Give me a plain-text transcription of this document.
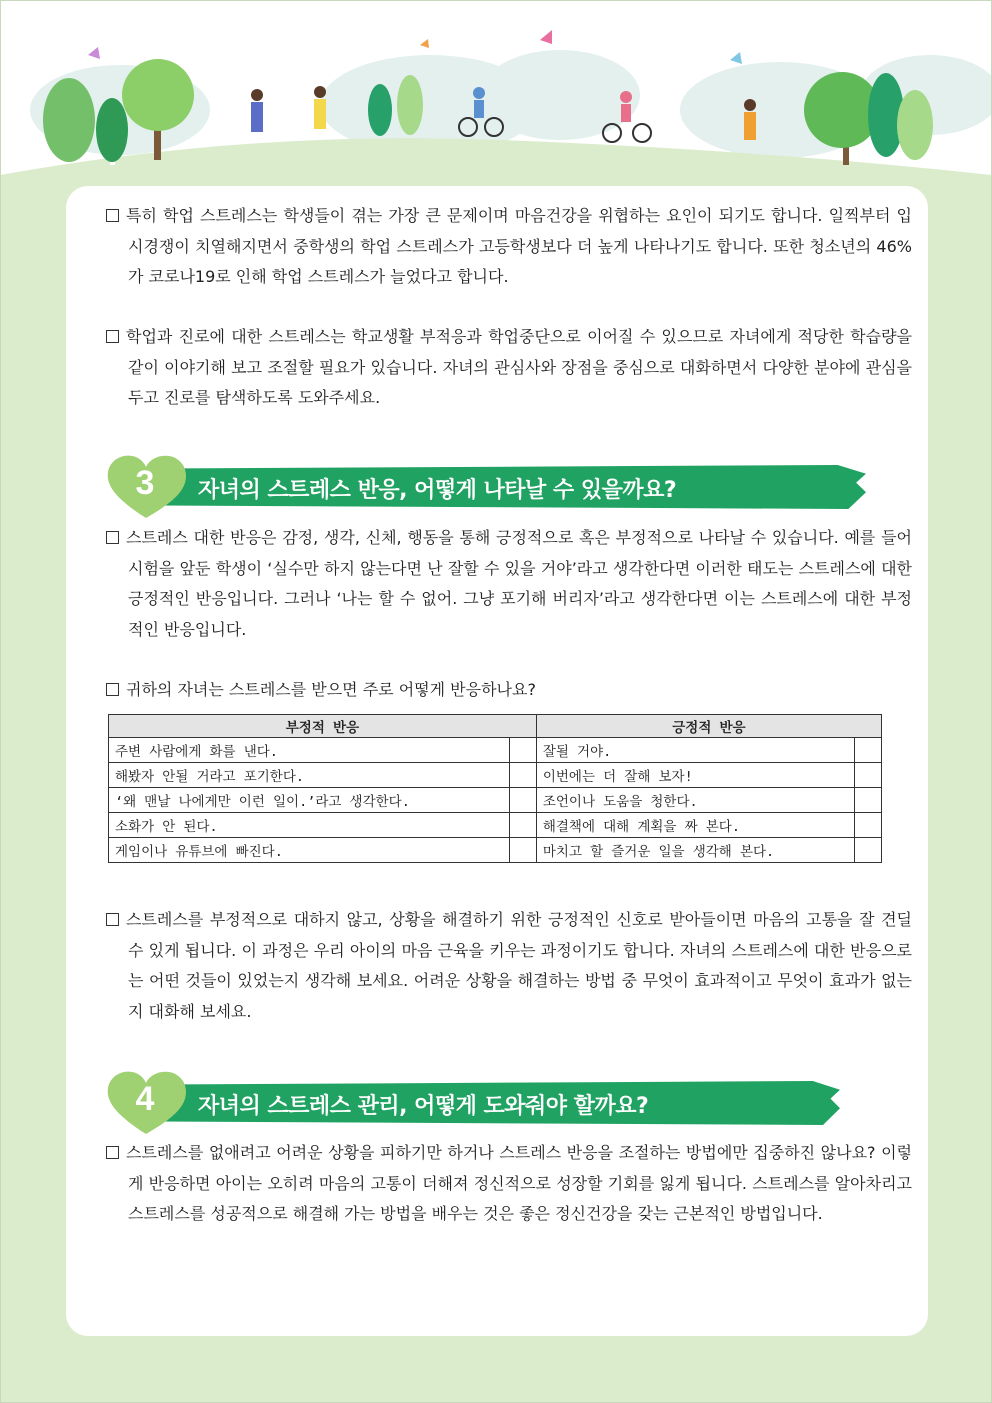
특히 학업 스트레스는 학생들이 겪는 가장 큰 문제이며 마음건강을 위협하는 요인이 되기도 합니다. 일찍부터 입시경쟁이 치열해지면서 중학생의 학업 스트레스가 고등학생보다 더 높게 나타나기도 합니다. 또한 청소년의 46%가 코로나19로 인해 학업 스트레스가 늘었다고 합니다.

학업과 진로에 대한 스트레스는 학교생활 부적응과 학업중단으로 이어질 수 있으므로 자녀에게 적당한 학습량을 같이 이야기해 보고 조절할 필요가 있습니다. 자녀의 관심사와 장점을 중심으로 대화하면서 다양한 분야에 관심을 두고 진로를 탐색하도록 도와주세요.

3	자녀의 스트레스 반응, 어떻게 나타날 수 있을까요?

스트레스 대한 반응은 감정, 생각, 신체, 행동을 통해 긍정적으로 혹은 부정적으로 나타날 수 있습니다. 예를 들어 시험을 앞둔 학생이 ‘실수만 하지 않는다면 난 잘할 수 있을 거야’라고 생각한다면 이러한 태도는 스트레스에 대한 긍정적인 반응입니다. 그러나 ‘나는 할 수 없어. 그냥 포기해 버리자’라고 생각한다면 이는 스트레스에 대한 부정적인 반응입니다.

귀하의 자녀는 스트레스를 받으면 주로 어떻게 반응하나요?

부정적 반응		긍정적 반응	
주변 사람에게 화를 낸다.		잘될 거야.	
해봤자 안될 거라고 포기한다.		이번에는 더 잘해 보자!	
‘왜 맨날 나에게만 이런 일이.’라고 생각한다.		조언이나 도움을 청한다.	
소화가 안 된다.		해결책에 대해 계획을 짜 본다.	
게임이나 유튜브에 빠진다.		마치고 할 즐거운 일을 생각해 본다.	

스트레스를 부정적으로 대하지 않고, 상황을 해결하기 위한 긍정적인 신호로 받아들이면 마음의 고통을 잘 견딜 수 있게 됩니다. 이 과정은 우리 아이의 마음 근육을 키우는 과정이기도 합니다. 자녀의 스트레스에 대한 반응으로는 어떤 것들이 있었는지 생각해 보세요. 어려운 상황을 해결하는 방법 중 무엇이 효과적이고 무엇이 효과가 없는지 대화해 보세요.

4	자녀의 스트레스 관리, 어떻게 도와줘야 할까요?

스트레스를 없애려고 어려운 상황을 피하기만 하거나 스트레스 반응을 조절하는 방법에만 집중하진 않나요? 이렇게 반응하면 아이는 오히려 마음의 고통이 더해져 정신적으로 성장할 기회를 잃게 됩니다. 스트레스를 알아차리고 스트레스를 성공적으로 해결해 가는 방법을 배우는 것은 좋은 정신건강을 갖는 근본적인 방법입니다.
